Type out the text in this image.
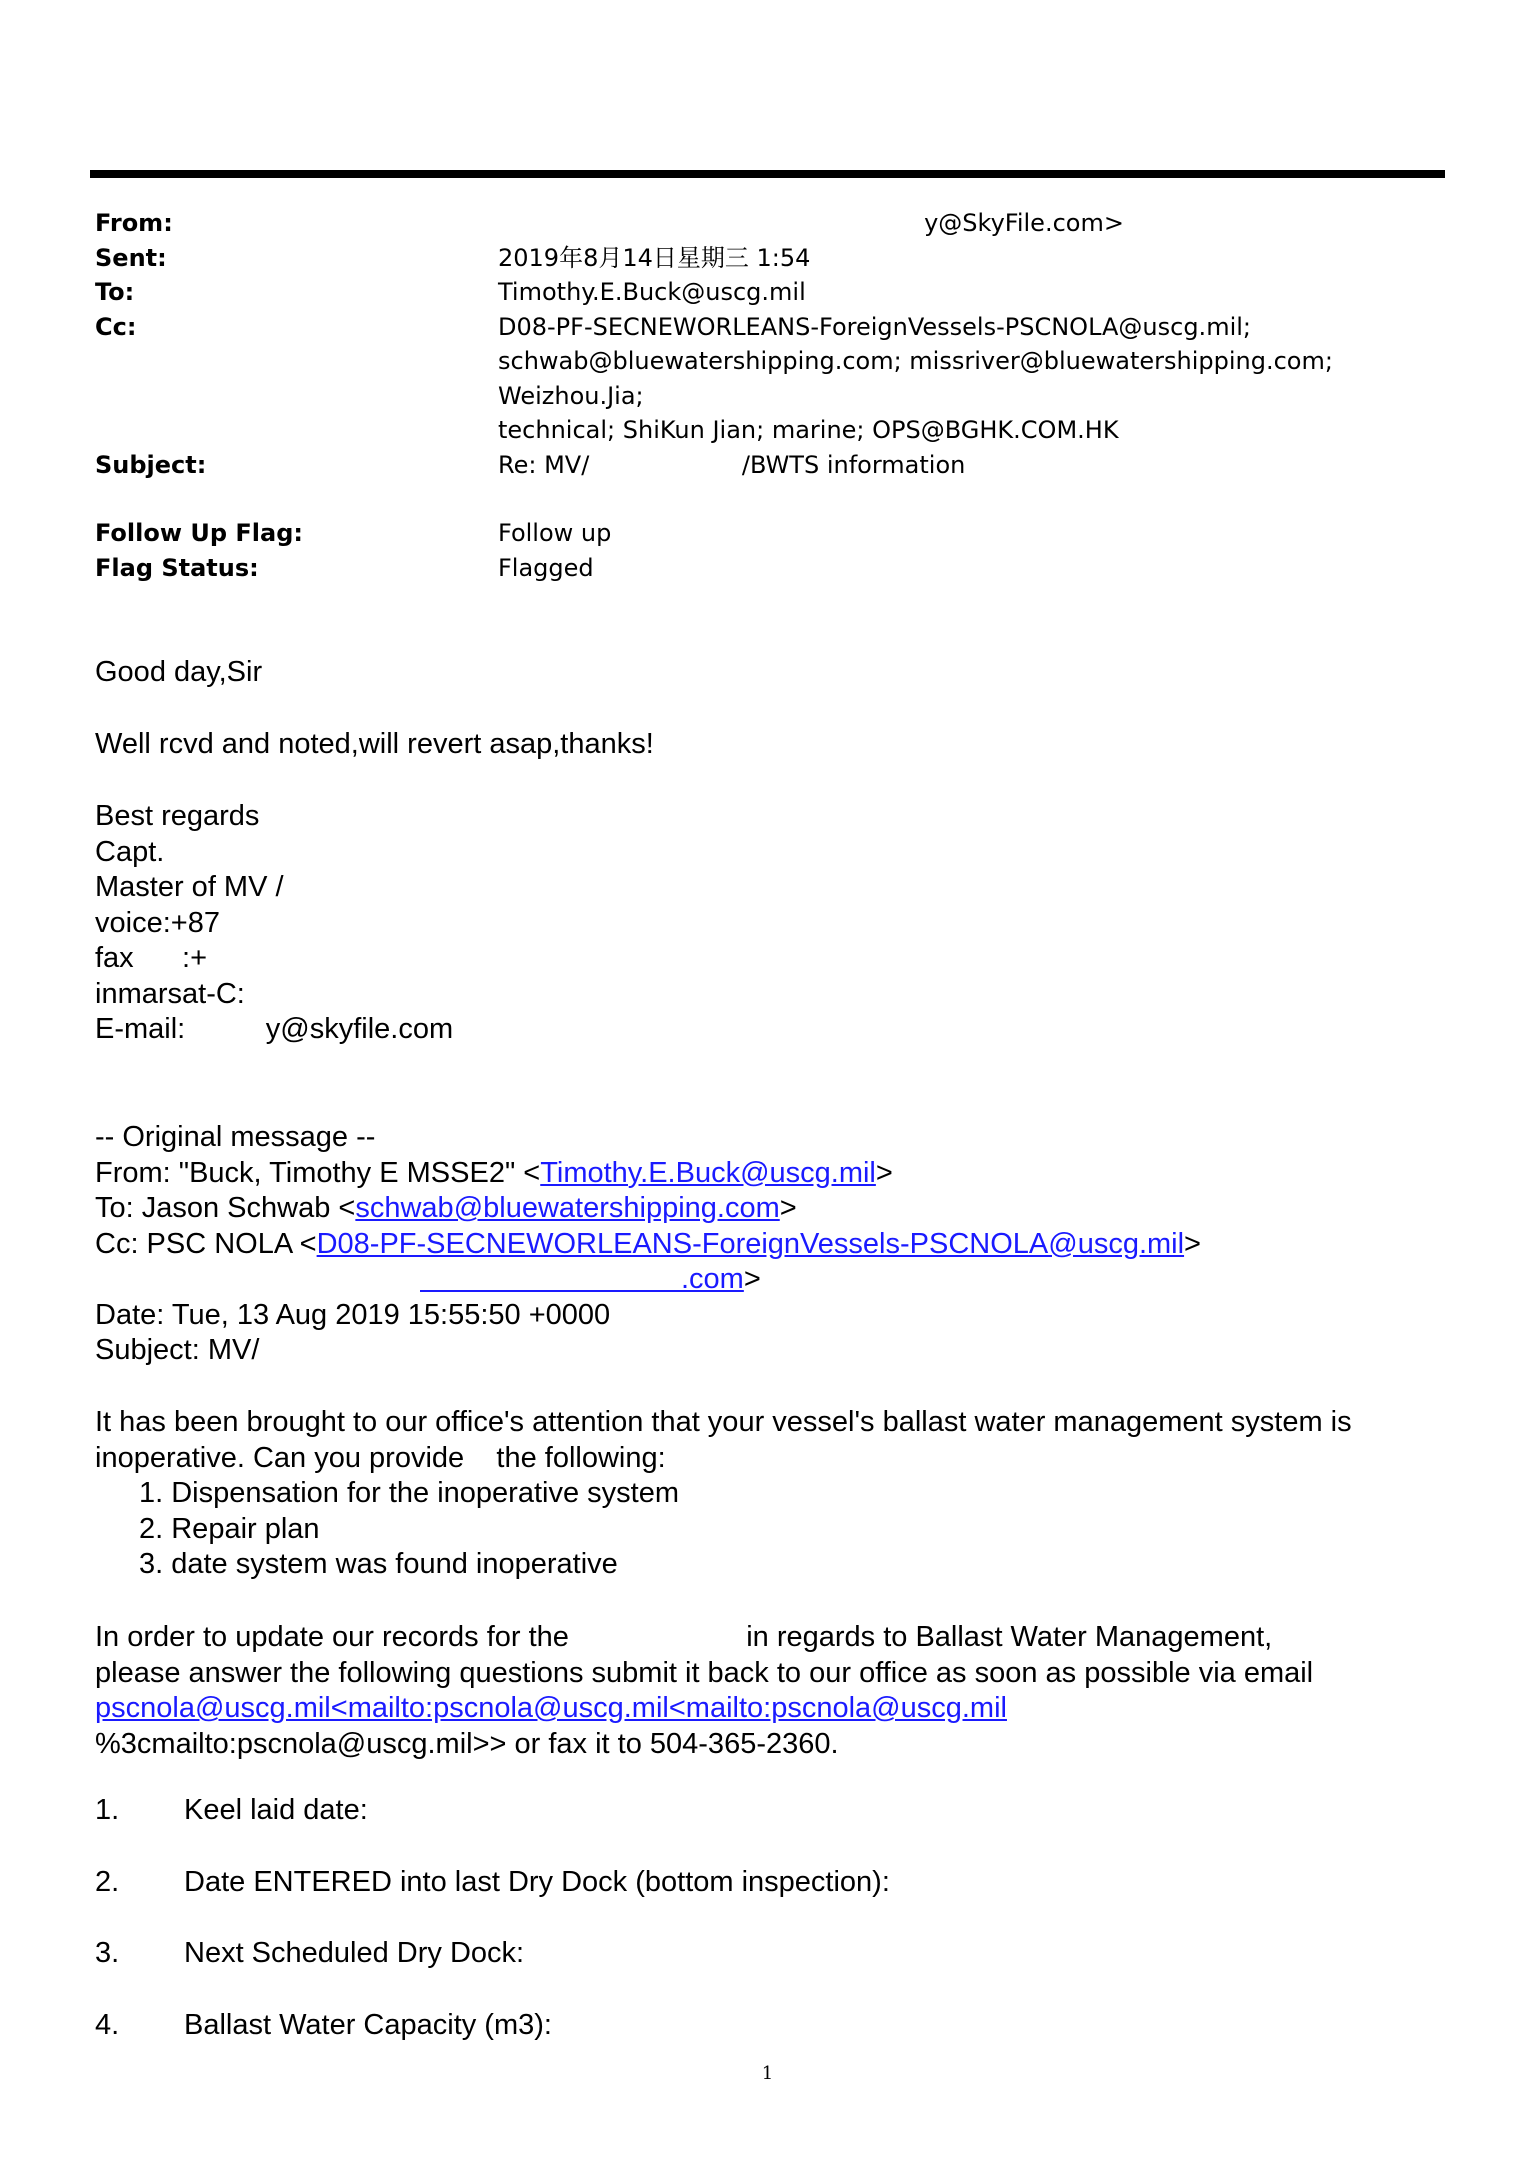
From:	y@SkyFile.com>
Sent:	2019年8月14日星期三 1:54
To:	Timothy.E.Buck@uscg.mil
Cc:	D08-PF-SECNEWORLEANS-ForeignVessels-PSCNOLA@uscg.mil;
schwab@bluewatershipping.com; missriver@bluewatershipping.com; Weizhou.Jia;
technical; ShiKun Jian; marine; OPS@BGHK.COM.HK
Subject:	Re: MV/                    /BWTS information
Follow Up Flag:	Follow up
Flag Status:	Flagged
Good day,Sir
Well rcvd and noted,will revert asap,thanks!
Best regards
Capt.
Master of MV /
voice:+87
fax      :+
inmarsat-C:
E-mail:          y@skyfile.com
-- Original message --
From: "Buck, Timothy E MSSE2" <Timothy.E.Buck@uscg.mil>
To: Jason Schwab <schwab@bluewatershipping.com>
Cc: PSC NOLA <D08-PF-SECNEWORLEANS-ForeignVessels-PSCNOLA@uscg.mil>
.com>
Date: Tue, 13 Aug 2019 15:55:50 +0000
Subject: MV/
It has been brought to our office's attention that your vessel's ballast water management system is inoperative. Can you provide    the following:
1. Dispensation for the inoperative system
2. Repair plan
3. date system was found inoperative
In order to update our records for the                      in regards to Ballast Water Management,
please answer the following questions submit it back to our office as soon as possible via email
pscnola@uscg.mil<mailto:pscnola@uscg.mil<mailto:pscnola@uscg.mil
%3cmailto:pscnola@uscg.mil>> or fax it to 504-365-2360.
1.	Keel laid date:
2.	Date ENTERED into last Dry Dock (bottom inspection):
3.	Next Scheduled Dry Dock:
4.	Ballast Water Capacity (m3):
1
